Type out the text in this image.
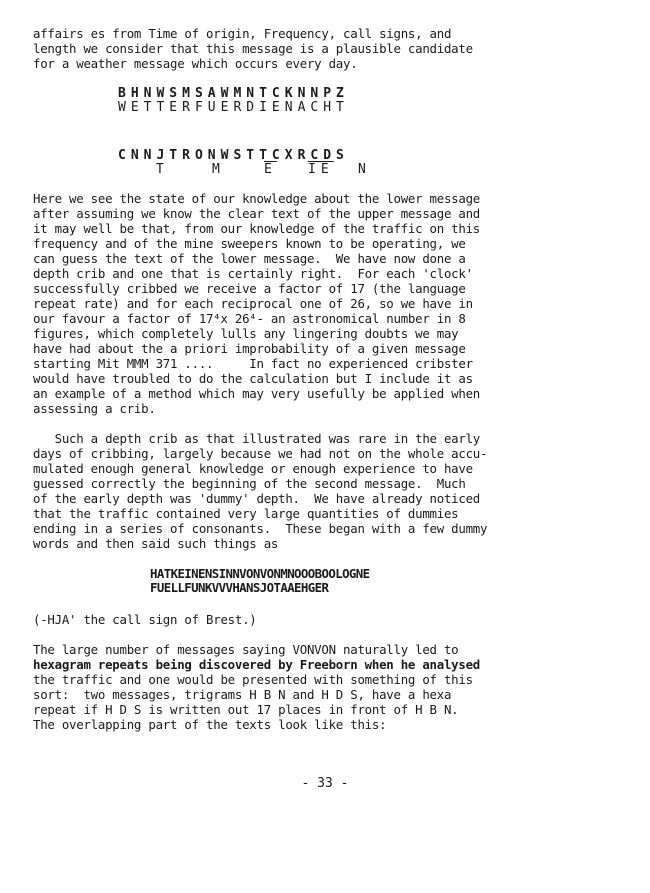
affairs es from Time of origin, Frequency, call signs, and
length we consider that this message is a plausible candidate
for a weather message which occurs every day.
BHNWSMSAWMNTCKNNPZ
WETTERFUERDIENACHT
CNNJTRONWSTTCXRCDS
T	M	$\overline{E}$ $\overline{IE}$ N
Here we see the state of our knowledge about the lower message
after assuming we know the clear text of the upper message and
it may well be that, from our knowledge of the traffic on this
frequency and of the mine sweepers known to be operating, we
can guess the text of the lower message.  We have now done a
depth crib and one that is certainly right.  For each 'clock'
successfully cribbed we receive a factor of 17 (the language
repeat rate) and for each reciprocal one of 26, so we have in
our favour a factor of 17⁴x 26⁴- an astronomical number in 8
figures, which completely lulls any lingering doubts we may
have had about the a priori improbability of a given message
starting Mit MMM 371 ....     In fact no experienced cribster
would have troubled to do the calculation but I include it as
an example of a method which may very usefully be applied when
assessing a crib.
Such a depth crib as that illustrated was rare in the early
days of cribbing, largely because we had not on the whole accu-
mulated enough general knowledge or enough experience to have
guessed correctly the beginning of the second message.  Much
of the early depth was 'dummy' depth.  We have already noticed
that the traffic contained very large quantities of dummies
ending in a series of consonants.  These began with a few dummy
words and then said such things as
HATKEINENSINNVONVONMNOOOBOOLOGNE
FUELLFUNKVVVHANSJOTAAEHGER
(-HJA' the call sign of Brest.)
The large number of messages saying VONVON naturally led to
hexagram repeats being discovered by Freeborn when he analysed
the traffic and one would be presented with something of this
sort:  two messages, trigrams H B N and H D S, have a hexa
repeat if H D S is written out 17 places in front of H B N.
The overlapping part of the texts look like this:
- 33 -
